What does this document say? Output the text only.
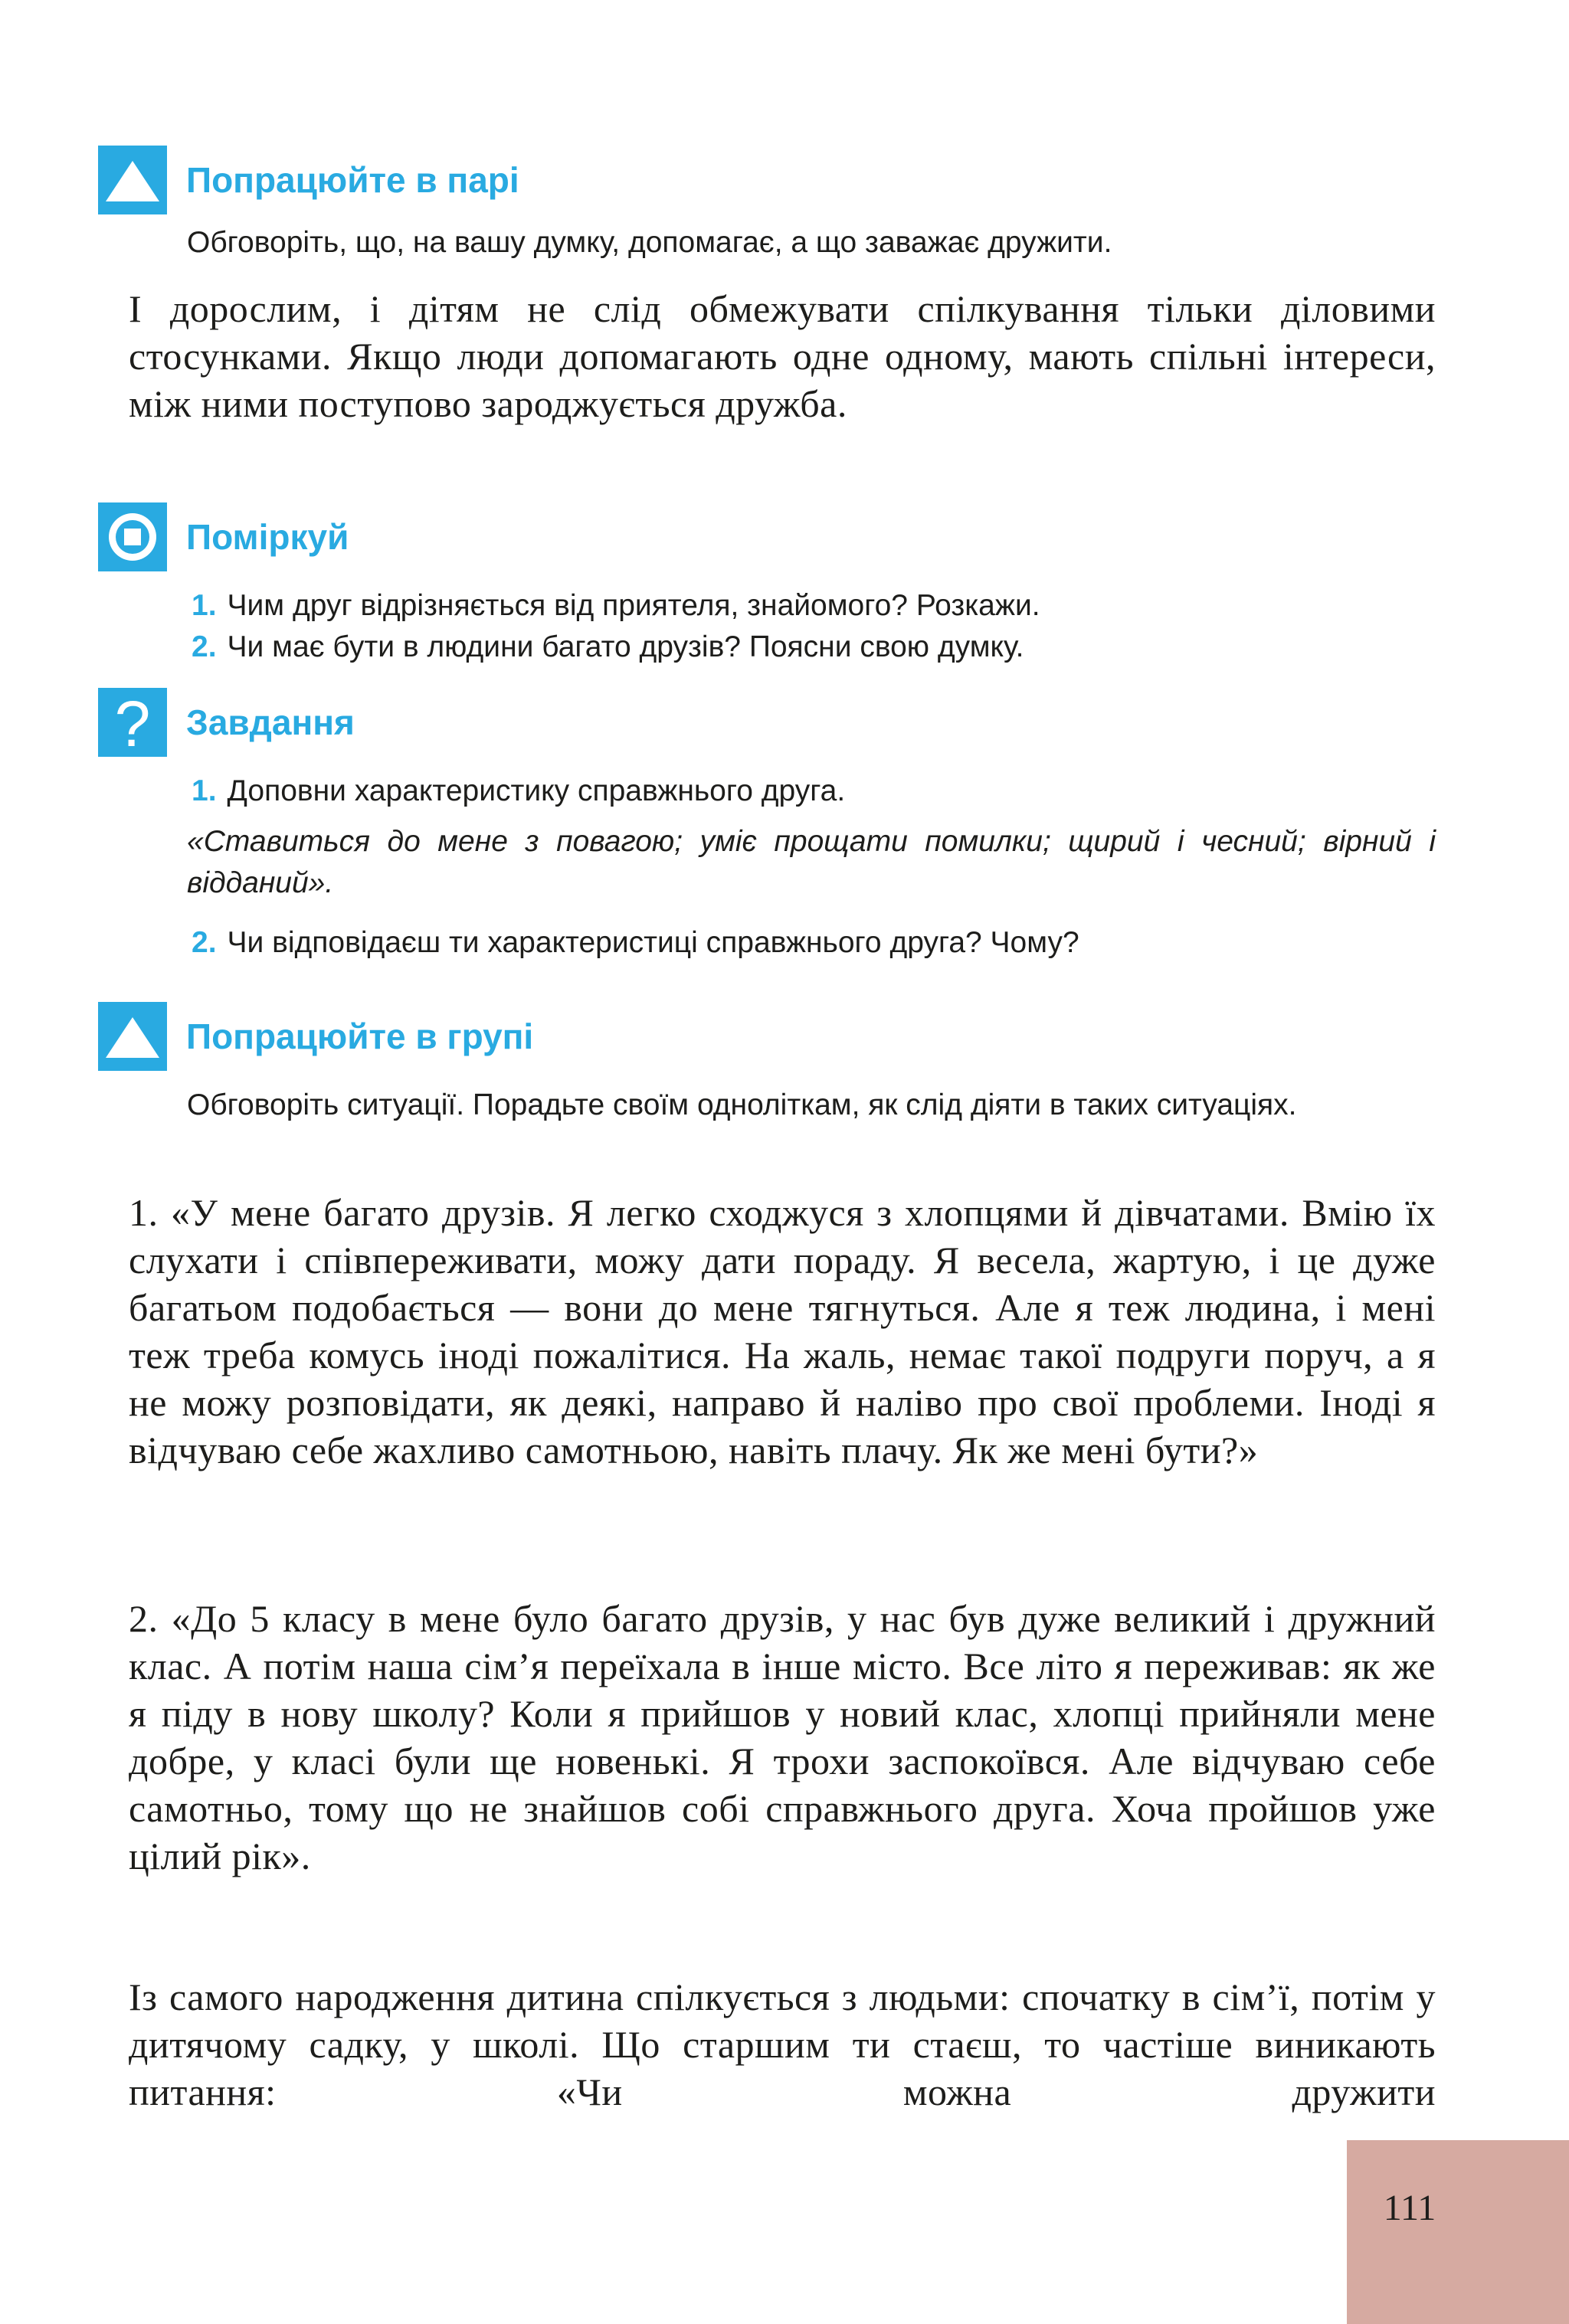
Попрацюйте в парі
Обговоріть, що, на вашу думку, допомагає, а що заважає дружити.
І дорослим, і дітям не слід обмежувати спілкування тільки діловими стосунками. Якщо люди допомагають одне одному, мають спільні інтереси, між ними поступово зароджується дружба.
Поміркуй
1. Чим друг відрізняється від приятеля, знайомого? Розкажи.
2. Чи має бути в людини багато друзів? Поясни свою думку.
? Завдання
1. Доповни характеристику справжнього друга.
«Ставиться до мене з повагою; уміє прощати помилки; щирий і чесний; вірний і відданий».
2. Чи відповідаєш ти характеристиці справжнього друга? Чому?
Попрацюйте в групі
Обговоріть ситуації. Порадьте своїм одноліткам, як слід діяти в таких ситуаціях.
1. «У мене багато друзів. Я легко сходжуся з хлопцями й дівчатами. Вмію їх слухати і співпереживати, можу дати пораду. Я весела, жартую, і це дуже багатьом подобається — вони до мене тягнуться. Але я теж людина, і мені теж треба комусь іноді пожалітися. На жаль, немає такої подруги поруч, а я не можу розповідати, як деякі, направо й наліво про свої проблеми. Іноді я відчуваю себе жахливо самотньою, навіть плачу. Як же мені бути?»
2. «До 5 класу в мене було багато друзів, у нас був дуже великий і дружний клас. А потім наша сім’я переїхала в інше місто. Все літо я переживав: як же я піду в нову школу? Коли я прийшов у новий клас, хлопці прийняли мене добре, у класі були ще новенькі. Я трохи заспокоївся. Але відчуваю себе самотньо, тому що не знайшов собі справжнього друга. Хоча пройшов уже цілий рік».
Із самого народження дитина спілкується з людьми: спочатку в сім’ї, потім у дитячому садку, у школі. Що старшим ти стаєш, то частіше виникають питання: «Чи можна дружити
111
